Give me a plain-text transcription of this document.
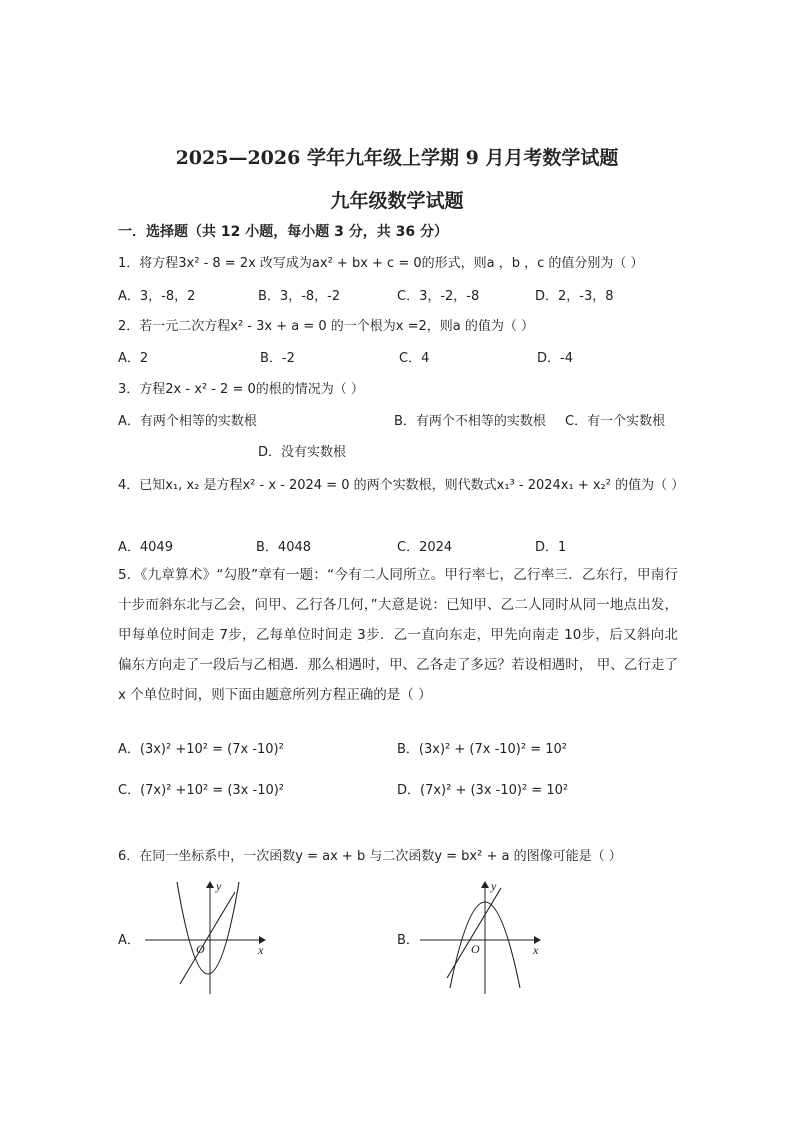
2025—2026 学年九年级上学期 9 月月考数学试题
九年级数学试题
一．选择题（共 12 小题，每小题 3 分，共 36 分）
1．将方程3x² - 8 = 2x 改写成为ax² + bx + c = 0的形式，则a ，b ，c 的值分别为（ ）
A．3，-8，2	B．3，-8，-2	C．3，-2，-8	D．2，-3，8
2．若一元二次方程x² - 3x + a = 0 的一个根为x =2，则a 的值为（ ）
A．2	B．-2	C．4	D．-4
3．方程2x - x² - 2 = 0的根的情况为（ ）
A．有两个相等的实数根	B．有两个不相等的实数根 C．有一个实数根
D．没有实数根
4．已知x₁, x₂ 是方程x² - x - 2024 = 0 的两个实数根，则代数式x₁³ - 2024x₁ + x₂² 的值为（ ）
A．4049	B．4048	C．2024	D．1
5．《九章算术》“勾股”章有一题：“今有二人同所立。甲行率七，乙行率三．乙东行，甲南行十步而斜东北与乙会，问甲、乙行各几何，”大意是说：已知甲、乙二人同时从同一地点出发，甲每单位时间走 7步，乙每单位时间走 3步．乙一直向东走，甲先向南走 10步，后又斜向北偏东方向走了一段后与乙相遇．那么相遇时，甲、乙各走了多远？若设相遇时， 甲、乙行走了x 个单位时间，则下面由题意所列方程正确的是（ ）
A．(3x)² +10² = (7x -10)²	B．(3x)² + (7x -10)² = 10²
C．(7x)² +10² = (3x -10)²	D．(7x)² + (3x -10)² = 10²
6．在同一坐标系中，一次函数y = ax + b 与二次函数y = bx² + a 的图像可能是（ ）
A．	B．
y
x
O
y
x
O
